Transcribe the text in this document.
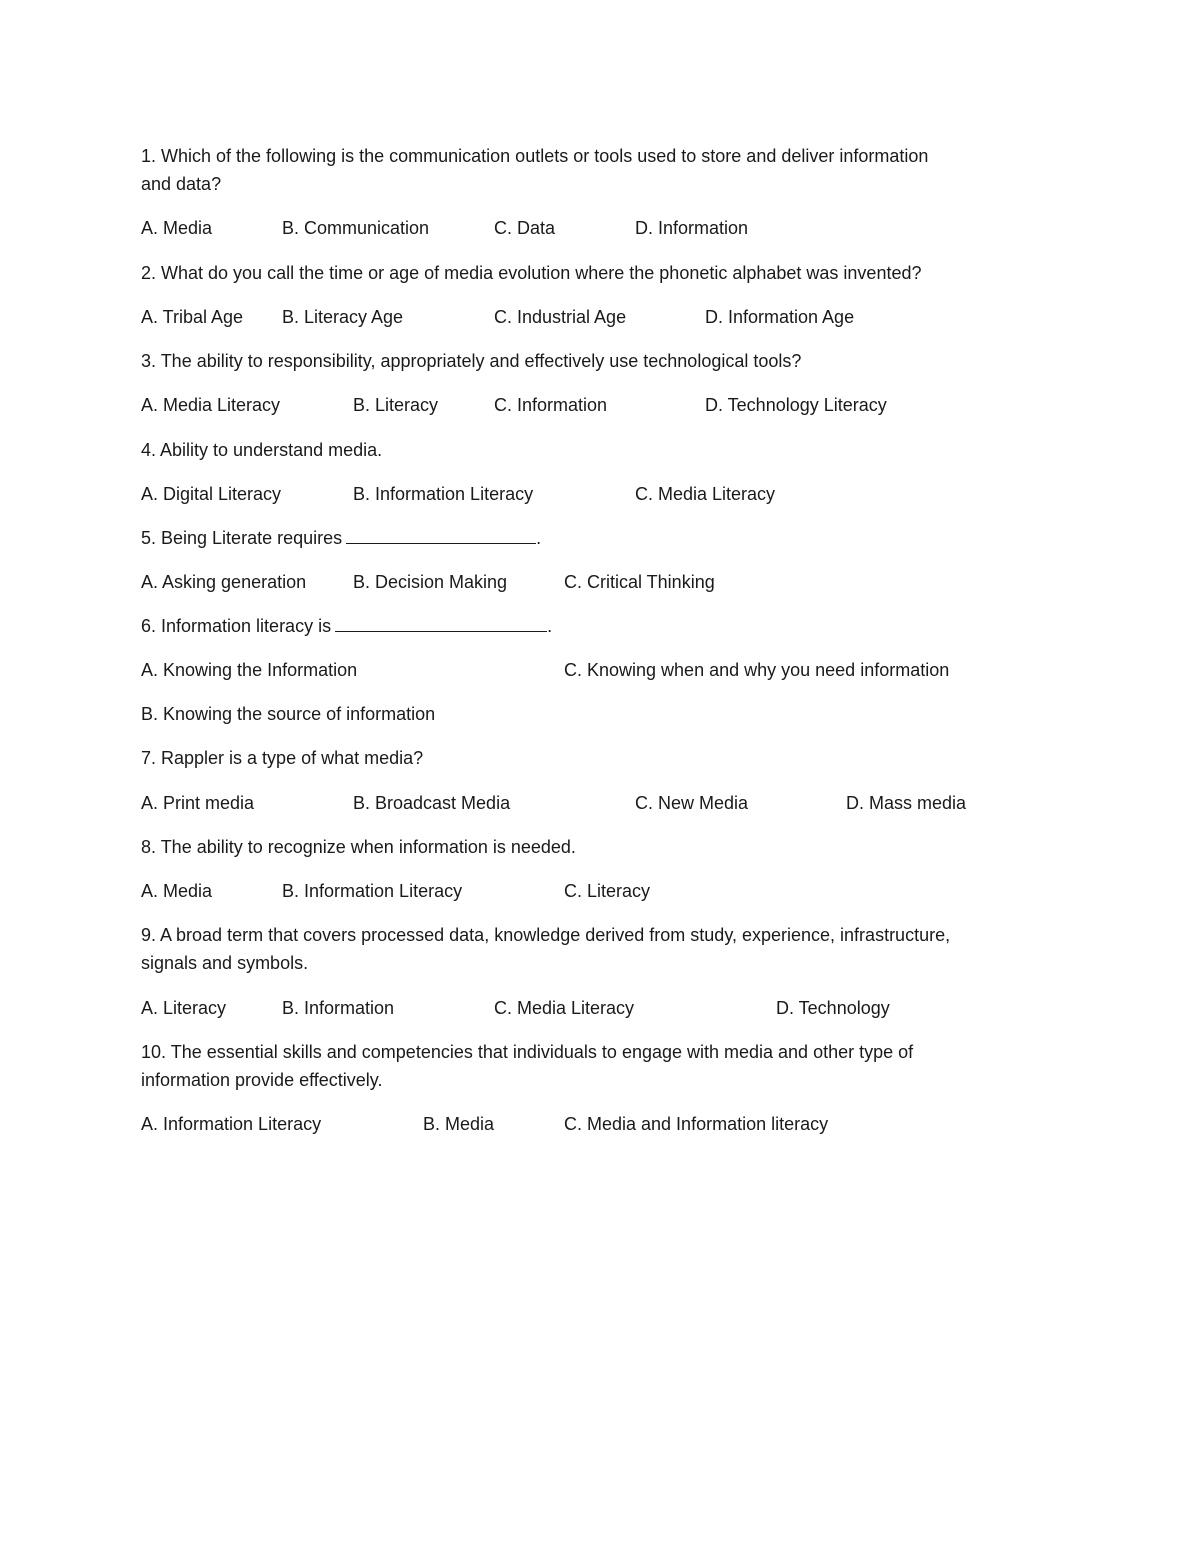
1. Which of the following is the communication outlets or tools used to store and deliver information
and data?
A. Media	B. Communication	C. Data	D. Information
2. What do you call the time or age of media evolution where the phonetic alphabet was invented?
A. Tribal Age B. Literacy Age	C. Industrial Age	D. Information Age
3. The ability to responsibility, appropriately and effectively use technological tools?
A. Media Literacy	B. Literacy	C. Information	D. Technology Literacy
4. Ability to understand media.
A. Digital Literacy	B. Information Literacy	C. Media Literacy
5. Being Literate requires	.
A. Asking generation	B. Decision Making	C. Critical Thinking
6. Information literacy is	.
A. Knowing the Information	C. Knowing when and why you need information
B. Knowing the source of information
7. Rappler is a type of what media?
A. Print media	B. Broadcast Media	C. New Media	D. Mass media
8. The ability to recognize when information is needed.
A. Media	B. Information Literacy	C. Literacy
9. A broad term that covers processed data, knowledge derived from study, experience, infrastructure,
signals and symbols.
A. Literacy	B. Information	C. Media Literacy	D. Technology
10. The essential skills and competencies that individuals to engage with media and other type of
information provide effectively.
A. Information Literacy	B. Media	C. Media and Information literacy
